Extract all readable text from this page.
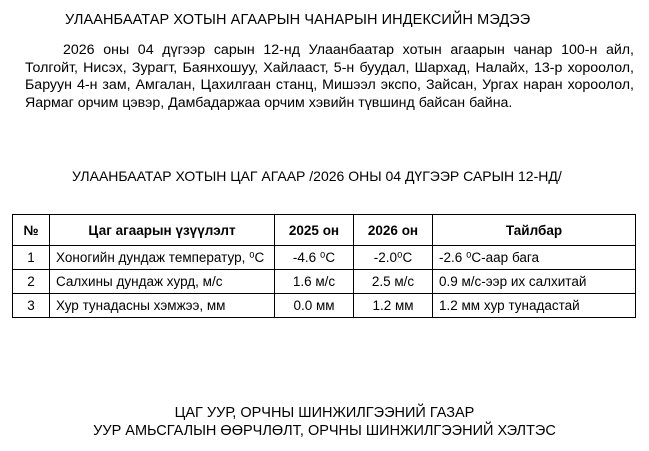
УЛААНБААТАР ХОТЫН АГААРЫН ЧАНАРЫН ИНДЕКСИЙН МЭДЭЭ

2026 оны 04 дүгээр сарын 12-нд Улаанбаатар хотын агаарын чанар 100-н айл, Толгойт, Нисэх, Зурагт, Баянхошуу, Хайлааст, 5-н буудал, Шархад, Налайх, 13-р хороолол, Баруун 4-н зам, Амгалан, Цахилгаан станц, Мишээл экспо, Зайсан, Ургах наран хороолол, Яармаг орчим цэвэр, Дамбадаржаа орчим хэвийн түвшинд байсан байна.

УЛААНБААТАР ХОТЫН ЦАГ АГААР /2026 ОНЫ 04 ДҮГЭЭР САРЫН 12-НД/
№	Цаг агаарын үзүүлэлт	2025 он	2026 он	Тайлбар
1	Хоногийн дундаж температур, ⁰С	-4.6 ⁰С	-2.0⁰С	-2.6 ⁰С-аар бага
2	Салхины дундаж хурд, м/с	1.6 м/с	2.5 м/с	0.9 м/с-ээр их салхитай
3	Хур тунадасны хэмжээ, мм	0.0 мм	1.2 мм	1.2 мм хур тунадастай
ЦАГ УУР, ОРЧНЫ ШИНЖИЛГЭЭНИЙ ГАЗАР
УУР АМЬСГАЛЫН ӨӨРЧЛӨЛТ, ОРЧНЫ ШИНЖИЛГЭЭНИЙ ХЭЛТЭС
